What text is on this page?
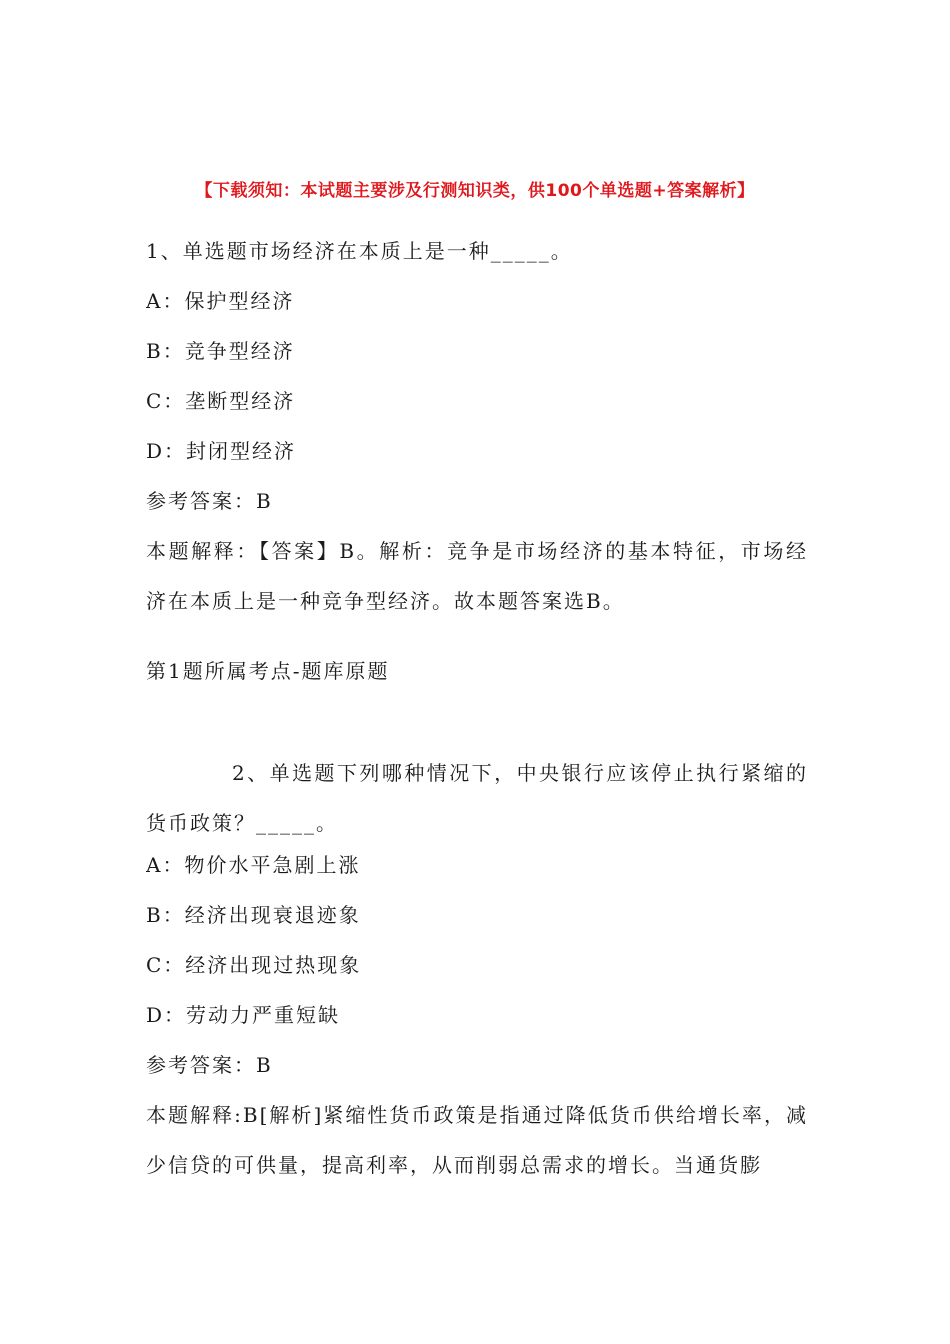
【下载须知：本试题主要涉及行测知识类，供100个单选题+答案解析】
1、单选题市场经济在本质上是一种_____。
A：保护型经济
B：竞争型经济
C：垄断型经济
D：封闭型经济
参考答案：B
本题解释：【答案】B。解析：竞争是市场经济的基本特征，市场经济在本质上是一种竞争型经济。故本题答案选B。
第1题所属考点-题库原题
2、单选题下列哪种情况下，中央银行应该停止执行紧缩的货币政策？_____。
A：物价水平急剧上涨
B：经济出现衰退迹象
C：经济出现过热现象
D：劳动力严重短缺
参考答案：B
本题解释:B[解析]紧缩性货币政策是指通过降低货币供给增长率，减少信贷的可供量，提高利率，从而削弱总需求的增长。当通货膨
